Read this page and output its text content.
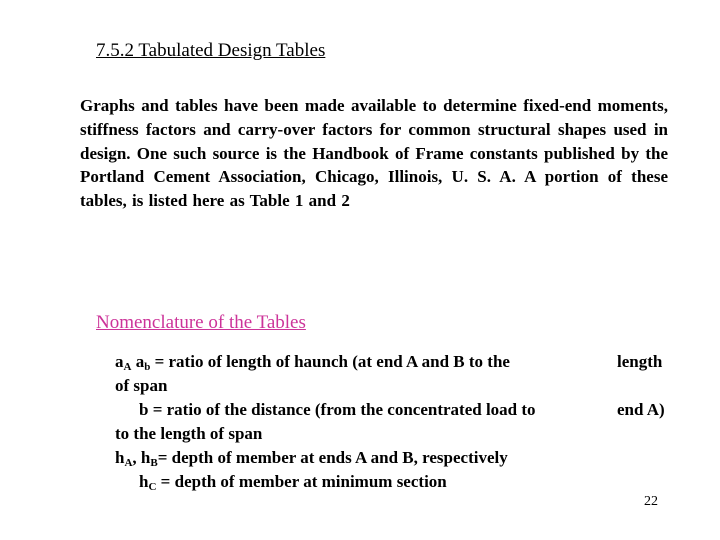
7.5.2 Tabulated Design Tables
Graphs and tables have been made available to determine fixed-end moments, stiffness factors and carry-over factors for common structural shapes used in design. One such source is the Handbook of Frame constants published by the Portland Cement Association, Chicago, Illinois, U. S. A. A portion of these tables, is listed here as Table 1 and 2
Nomenclature of the Tables
$a_A$ $a_b$ = ratio of length of haunch (at end A and B to the	length
of span
b = ratio of the distance (from the concentrated load to	end A)
to the length of span
$h_A$, $h_B=$ depth of member at ends A and B, respectively
$h_C$ = depth of member at minimum section
22
